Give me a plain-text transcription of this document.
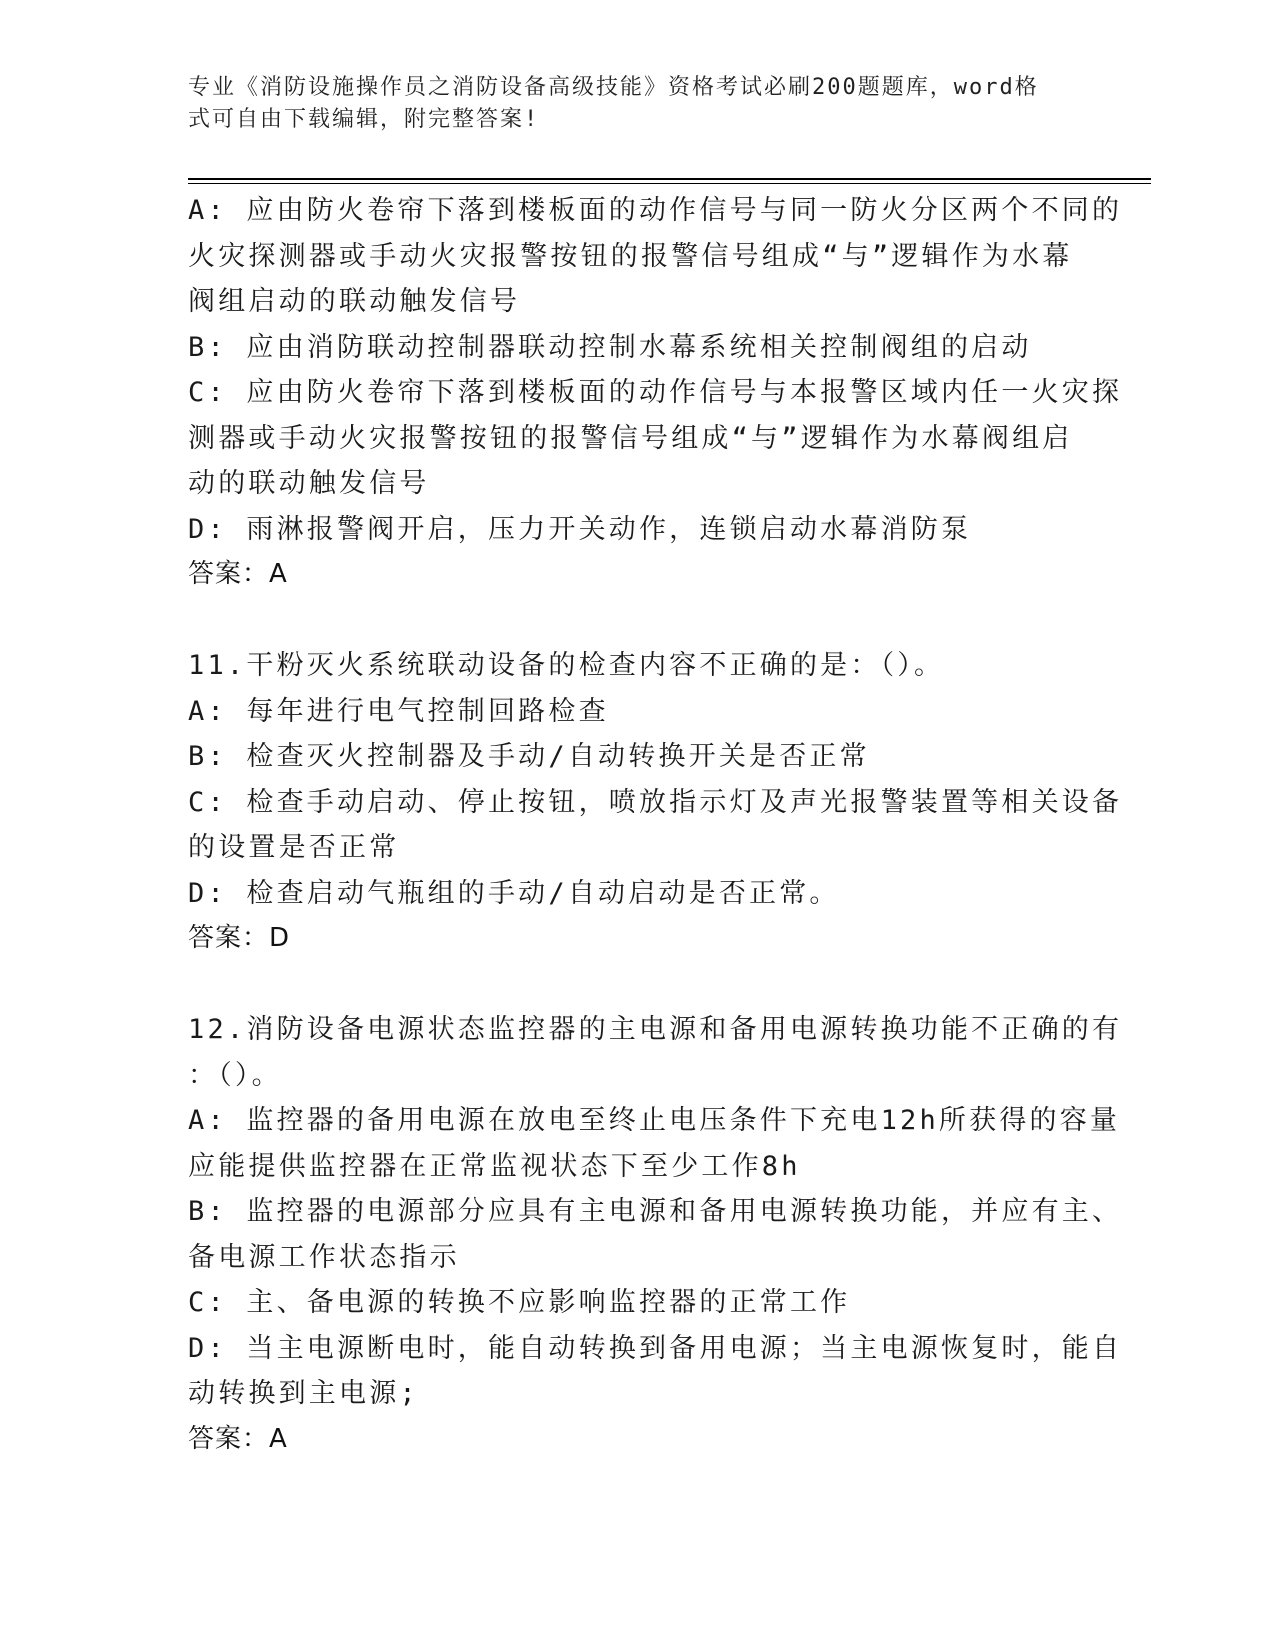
专业《消防设施操作员之消防设备高级技能》资格考试必刷200题题库，word格
式可自由下载编辑，附完整答案!
A: 应由防火卷帘下落到楼板面的动作信号与同一防火分区两个不同的
火灾探测器或手动火灾报警按钮的报警信号组成“与”逻辑作为水幕
阀组启动的联动触发信号
B: 应由消防联动控制器联动控制水幕系统相关控制阀组的启动
C: 应由防火卷帘下落到楼板面的动作信号与本报警区域内任一火灾探
测器或手动火灾报警按钮的报警信号组成“与”逻辑作为水幕阀组启
动的联动触发信号
D: 雨淋报警阀开启，压力开关动作，连锁启动水幕消防泵
答案：A
11.干粉灭火系统联动设备的检查内容不正确的是：（）。
A: 每年进行电气控制回路检查
B: 检查灭火控制器及手动/自动转换开关是否正常
C: 检查手动启动、停止按钮，喷放指示灯及声光报警装置等相关设备
的设置是否正常
D: 检查启动气瓶组的手动/自动启动是否正常。
答案：D
12.消防设备电源状态监控器的主电源和备用电源转换功能不正确的有
：（）。
A: 监控器的备用电源在放电至终止电压条件下充电12h所获得的容量
应能提供监控器在正常监视状态下至少工作8h
B: 监控器的电源部分应具有主电源和备用电源转换功能，并应有主、
备电源工作状态指示
C: 主、备电源的转换不应影响监控器的正常工作
D: 当主电源断电时，能自动转换到备用电源；当主电源恢复时，能自
动转换到主电源;
答案：A
